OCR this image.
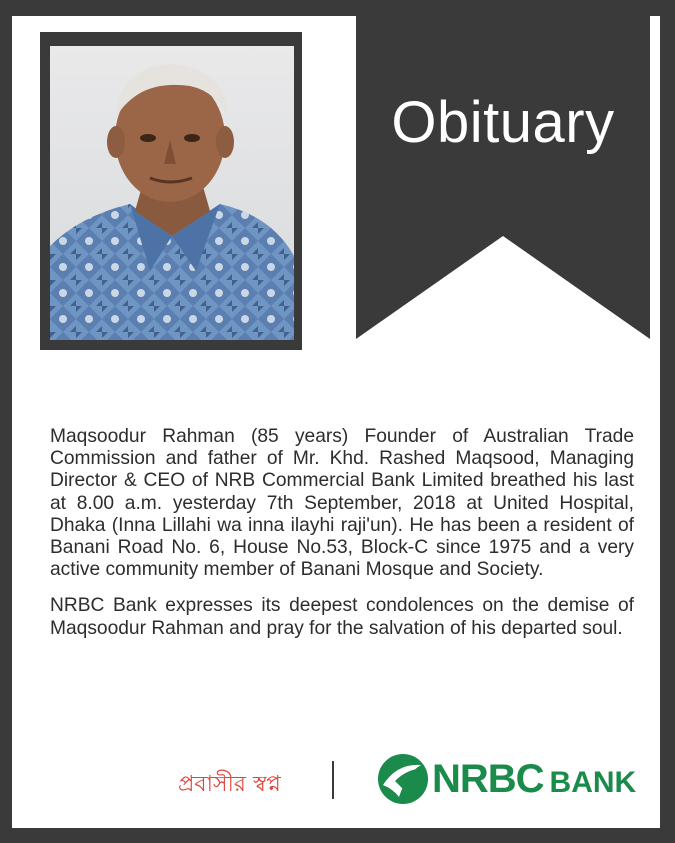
Obituary

Maqsoodur Rahman (85 years) Founder of Australian Trade Commission and father of Mr. Khd. Rashed Maqsood, Managing Director & CEO of NRB Commercial Bank Limited breathed his last at 8.00 a.m. yesterday 7th September, 2018 at United Hospital, Dhaka (Inna Lillahi wa inna ilayhi raji'un). He has been a resident of Banani Road No. 6, House No.53, Block-C since 1975 and a very active community member of Banani Mosque and Society.

NRBC Bank expresses its deepest condolences on the demise of Maqsoodur Rahman and pray for the salvation of his departed soul.

প্রবাসীর স্বপ্ন	NRBC BANK
